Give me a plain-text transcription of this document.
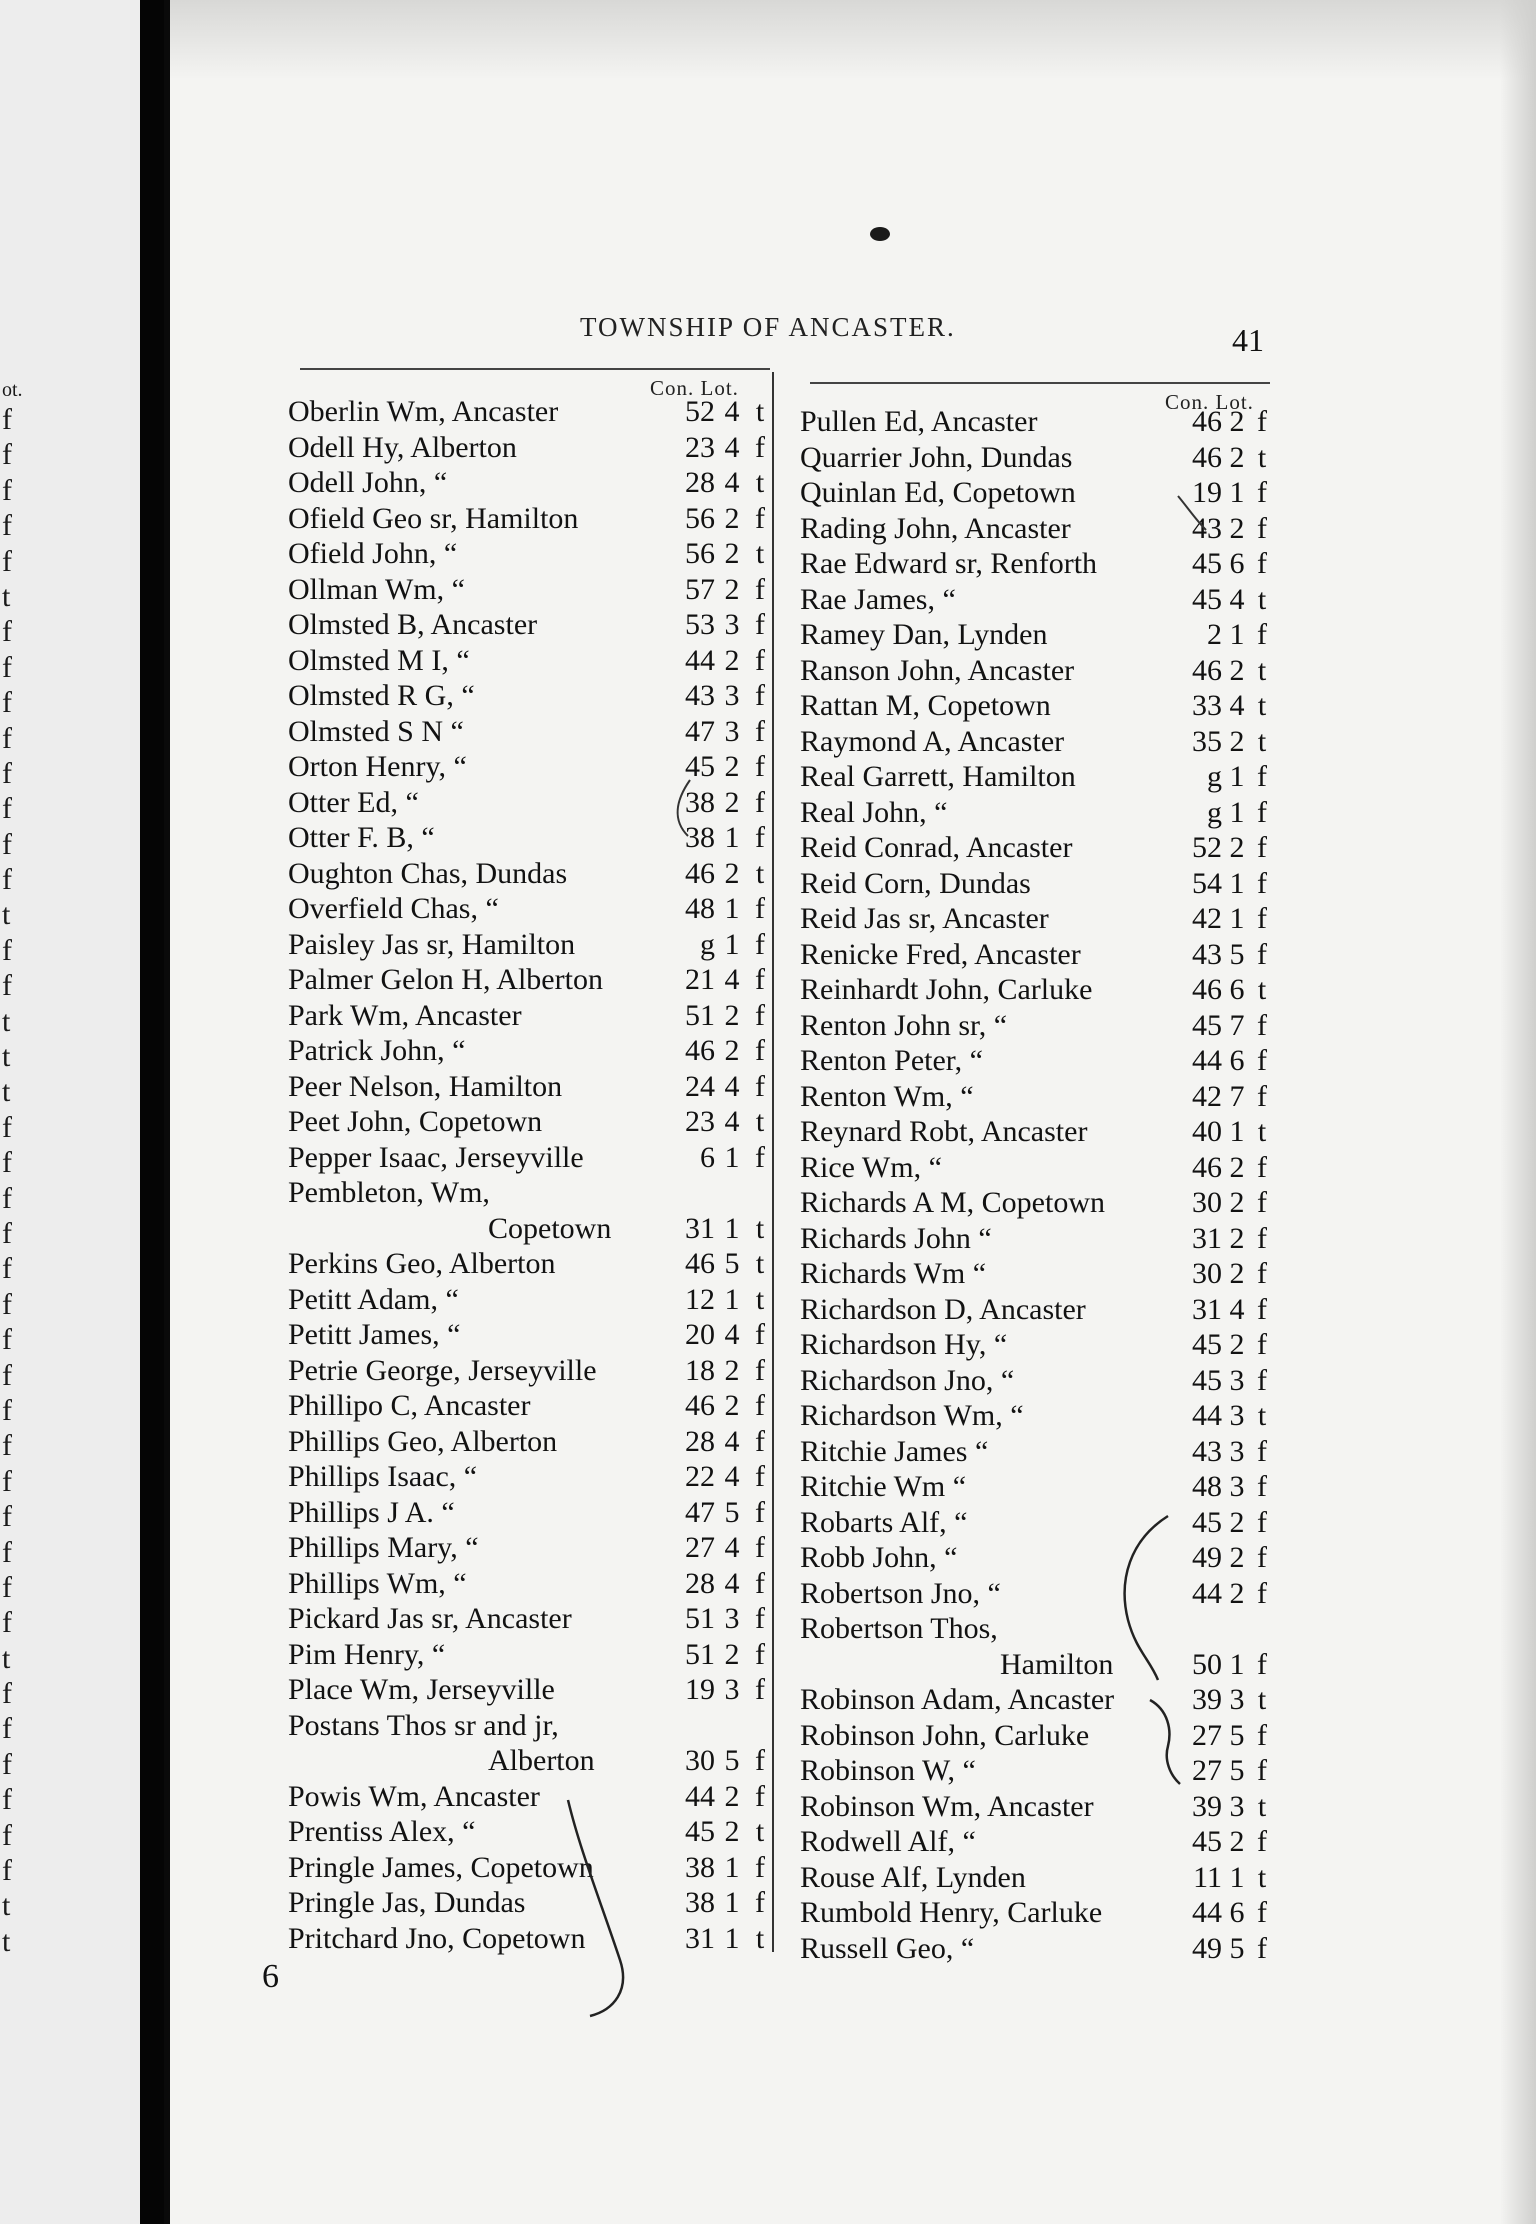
ot.
f
f
f
f
f
t
f
f
f
f
f
f
f
f
t
f
f
t
t
t
f
f
f
f
f
f
f
f
f
f
f
f
f
f
f
t
f
f
f
f
f
f
t
t
TOWNSHIP OF ANCASTER.	41
Con. Lot.
Con. Lot.
Oberlin Wm, Ancaster	52 4 t
Odell Hy, Alberton	23 4 f
Odell John, “	28 4 t
Ofield Geo sr, Hamilton	56 2 f
Ofield John, “	56 2 t
Ollman Wm, “	57 2 f
Olmsted B, Ancaster	53 3 f
Olmsted M I, “	44 2 f
Olmsted R G, “	43 3 f
Olmsted S N “	47 3 f
Orton Henry, “	45 2 f
Otter Ed, “	38 2 f
Otter F. B, “	38 1 f
Oughton Chas, Dundas	46 2 t
Overfield Chas, “	48 1 f
Paisley Jas sr, Hamilton	g 1 f
Palmer Gelon H, Alberton	21 4 f
Park Wm, Ancaster	51 2 f
Patrick John, “	46 2 f
Peer Nelson, Hamilton	24 4 f
Peet John, Copetown	23 4 t
Pepper Isaac, Jerseyville	6 1 f
Pembleton, Wm,
Copetown	31 1 t
Perkins Geo, Alberton	46 5 t
Petitt Adam, “	12 1 t
Petitt James, “	20 4 f
Petrie George, Jerseyville	18 2 f
Phillipo C, Ancaster	46 2 f
Phillips Geo, Alberton	28 4 f
Phillips Isaac, “	22 4 f
Phillips J A. “	47 5 f
Phillips Mary, “	27 4 f
Phillips Wm, “	28 4 f
Pickard Jas sr, Ancaster	51 3 f
Pim Henry, “	51 2 f
Place Wm, Jerseyville	19 3 f
Postans Thos sr and jr,
Alberton	30 5 f
Powis Wm, Ancaster	44 2 f
Prentiss Alex, “	45 2 t
Pringle James, Copetown	38 1 f
Pringle Jas, Dundas	38 1 f
Pritchard Jno, Copetown	31 1 t
Pullen Ed, Ancaster	46 2 f
Quarrier John, Dundas	46 2 t
Quinlan Ed, Copetown	19 1 f
Rading John, Ancaster	43 2 f
Rae Edward sr, Renforth	45 6 f
Rae James, “	45 4 t
Ramey Dan, Lynden	2 1 f
Ranson John, Ancaster	46 2 t
Rattan M, Copetown	33 4 t
Raymond A, Ancaster	35 2 t
Real Garrett, Hamilton	g 1 f
Real John, “	g 1 f
Reid Conrad, Ancaster	52 2 f
Reid Corn, Dundas	54 1 f
Reid Jas sr, Ancaster	42 1 f
Renicke Fred, Ancaster	43 5 f
Reinhardt John, Carluke	46 6 t
Renton John sr, “	45 7 f
Renton Peter, “	44 6 f
Renton Wm, “	42 7 f
Reynard Robt, Ancaster	40 1 t
Rice Wm, “	46 2 f
Richards A M, Copetown	30 2 f
Richards John “	31 2 f
Richards Wm “	30 2 f
Richardson D, Ancaster	31 4 f
Richardson Hy, “	45 2 f
Richardson Jno, “	45 3 f
Richardson Wm, “	44 3 t
Ritchie James “	43 3 f
Ritchie Wm “	48 3 f
Robarts Alf, “	45 2 f
Robb John, “	49 2 f
Robertson Jno, “	44 2 f
Robertson Thos,
Hamilton	50 1 f
Robinson Adam, Ancaster	39 3 t
Robinson John, Carluke	27 5 f
Robinson W, “	27 5 f
Robinson Wm, Ancaster	39 3 t
Rodwell Alf, “	45 2 f
Rouse Alf, Lynden	11 1 t
Rumbold Henry, Carluke	44 6 f
Russell Geo, “	49 5 f
6
